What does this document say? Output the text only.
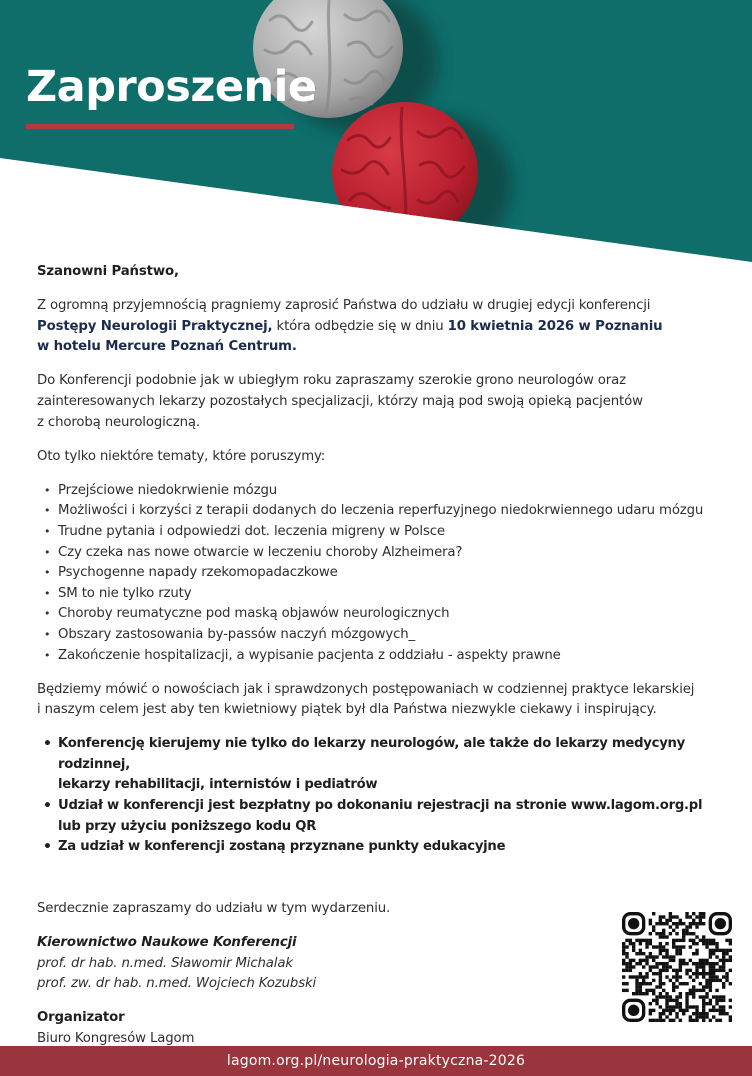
Zaproszenie

Szanowni Państwo,

Z ogromną przyjemnością pragniemy zaprosić Państwa do udziału w drugiej edycji konferencji
Postępy Neurologii Praktycznej, która odbędzie się w dniu 10 kwietnia 2026 w Poznaniu
w hotelu Mercure Poznań Centrum.

Do Konferencji podobnie jak w ubiegłym roku zapraszamy szerokie grono neurologów oraz
zainteresowanych lekarzy pozostałych specjalizacji, którzy mają pod swoją opieką pacjentów
z chorobą neurologiczną.

Oto tylko niektóre tematy, które poruszymy:

• Przejściowe niedokrwienie mózgu
• Możliwości i korzyści z terapii dodanych do leczenia reperfuzyjnego niedokrwiennego udaru mózgu
• Trudne pytania i odpowiedzi dot. leczenia migreny w Polsce
• Czy czeka nas nowe otwarcie w leczeniu choroby Alzheimera?
• Psychogenne napady rzekomopadaczkowe
• SM to nie tylko rzuty
• Choroby reumatyczne pod maską objawów neurologicznych
• Obszary zastosowania by-passów naczyń mózgowych_
• Zakończenie hospitalizacji, a wypisanie pacjenta z oddziału - aspekty prawne

Będziemy mówić o nowościach jak i sprawdzonych postępowaniach w codziennej praktyce lekarskiej
i naszym celem jest aby ten kwietniowy piątek był dla Państwa niezwykle ciekawy i inspirujący.

• Konferencję kierujemy nie tylko do lekarzy neurologów, ale także do lekarzy medycyny rodzinnej,
lekarzy rehabilitacji, internistów i pediatrów
• Udział w konferencji jest bezpłatny po dokonaniu rejestracji na stronie www.lagom.org.pl
lub przy użyciu poniższego kodu QR
• Za udział w konferencji zostaną przyznane punkty edukacyjne

Serdecznie zapraszamy do udziału w tym wydarzeniu.

Kierownictwo Naukowe Konferencji

prof. dr hab. n.med. Sławomir Michalak

prof. zw. dr hab. n.med. Wojciech Kozubski

Organizator

Biuro Kongresów Lagom

lagom.org.pl/neurologia-praktyczna-2026
